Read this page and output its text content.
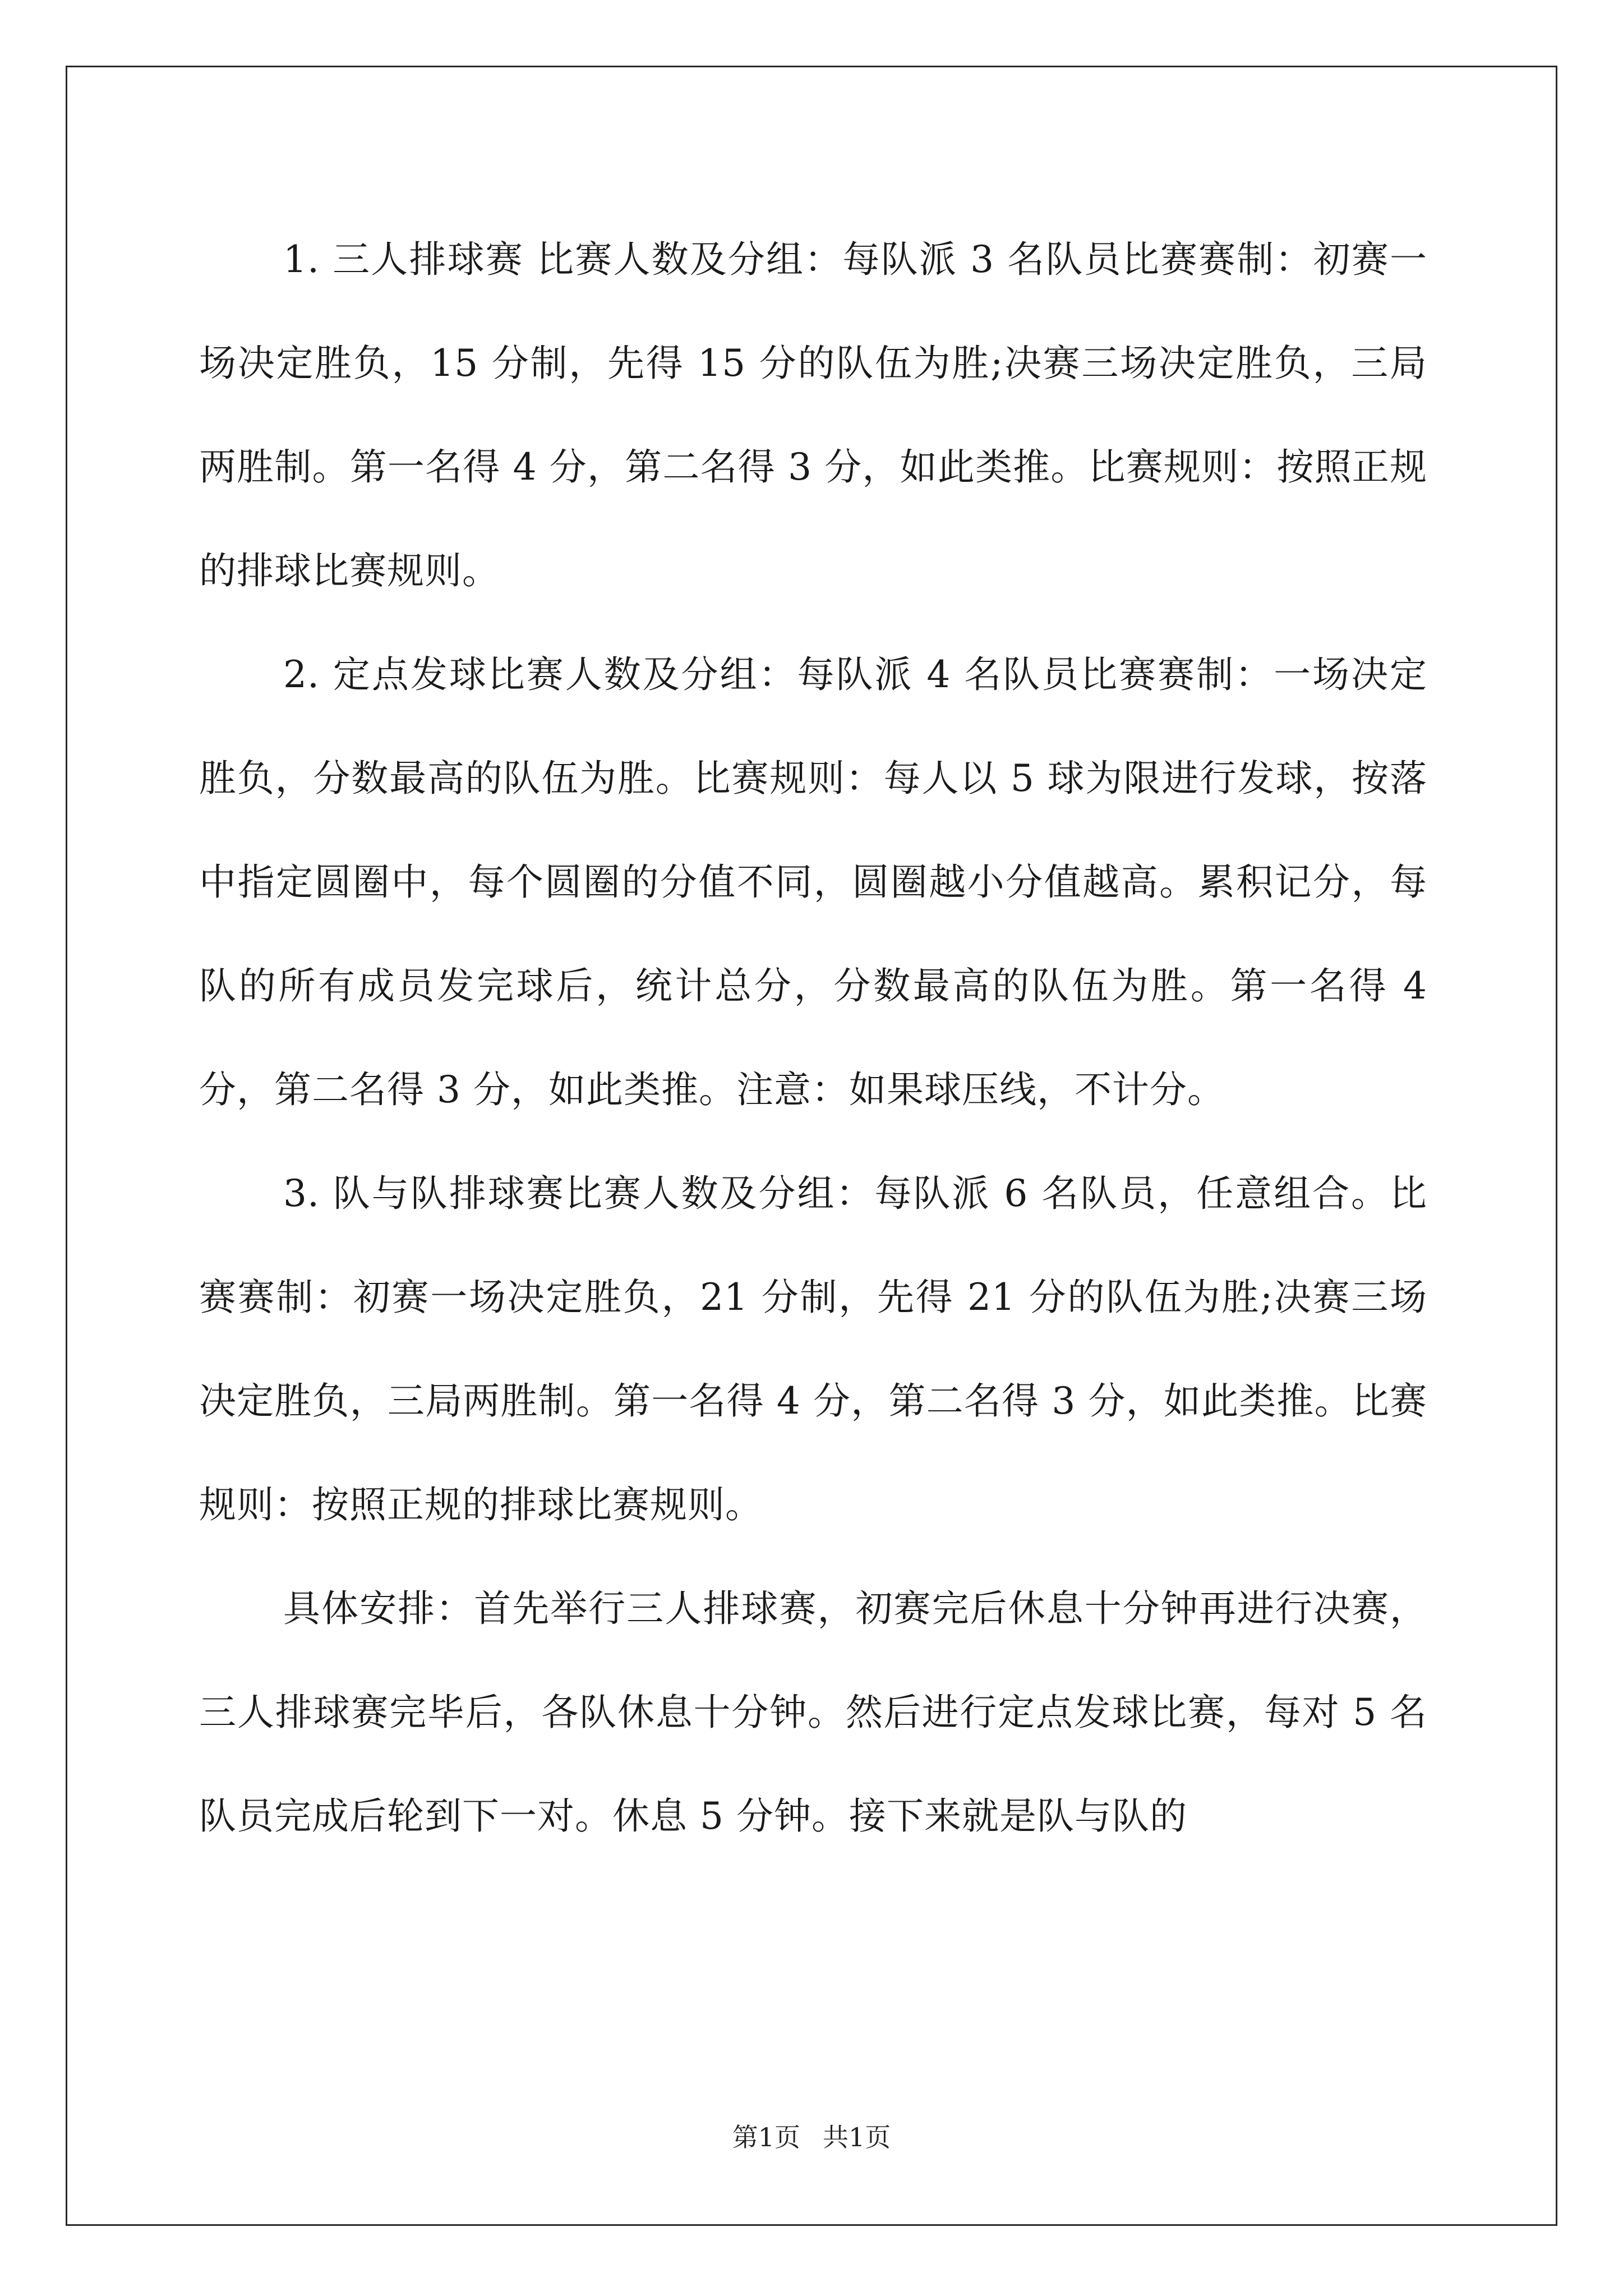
1. 三人排球赛 比赛人数及分组：每队派 3 名队员比赛赛制：初赛一场决定胜负，15 分制，先得 15 分的队伍为胜;决赛三场决定胜负，三局两胜制。第一名得 4 分，第二名得 3 分，如此类推。比赛规则：按照正规的排球比赛规则。

2. 定点发球比赛人数及分组：每队派 4 名队员比赛赛制：一场决定胜负，分数最高的队伍为胜。比赛规则：每人以 5 球为限进行发球，按落中指定圆圈中，每个圆圈的分值不同，圆圈越小分值越高。累积记分，每队的所有成员发完球后，统计总分，分数最高的队伍为胜。第一名得 4 分，第二名得 3 分，如此类推。注意：如果球压线，不计分。

3. 队与队排球赛比赛人数及分组：每队派 6 名队员，任意组合。比赛赛制：初赛一场决定胜负，21 分制，先得 21 分的队伍为胜;决赛三场决定胜负，三局两胜制。第一名得 4 分，第二名得 3 分，如此类推。比赛规则：按照正规的排球比赛规则。

具体安排：首先举行三人排球赛，初赛完后休息十分钟再进行决赛，三人排球赛完毕后，各队休息十分钟。然后进行定点发球比赛，每对 5 名队员完成后轮到下一对。休息 5 分钟。接下来就是队与队的

第1页 共1页
